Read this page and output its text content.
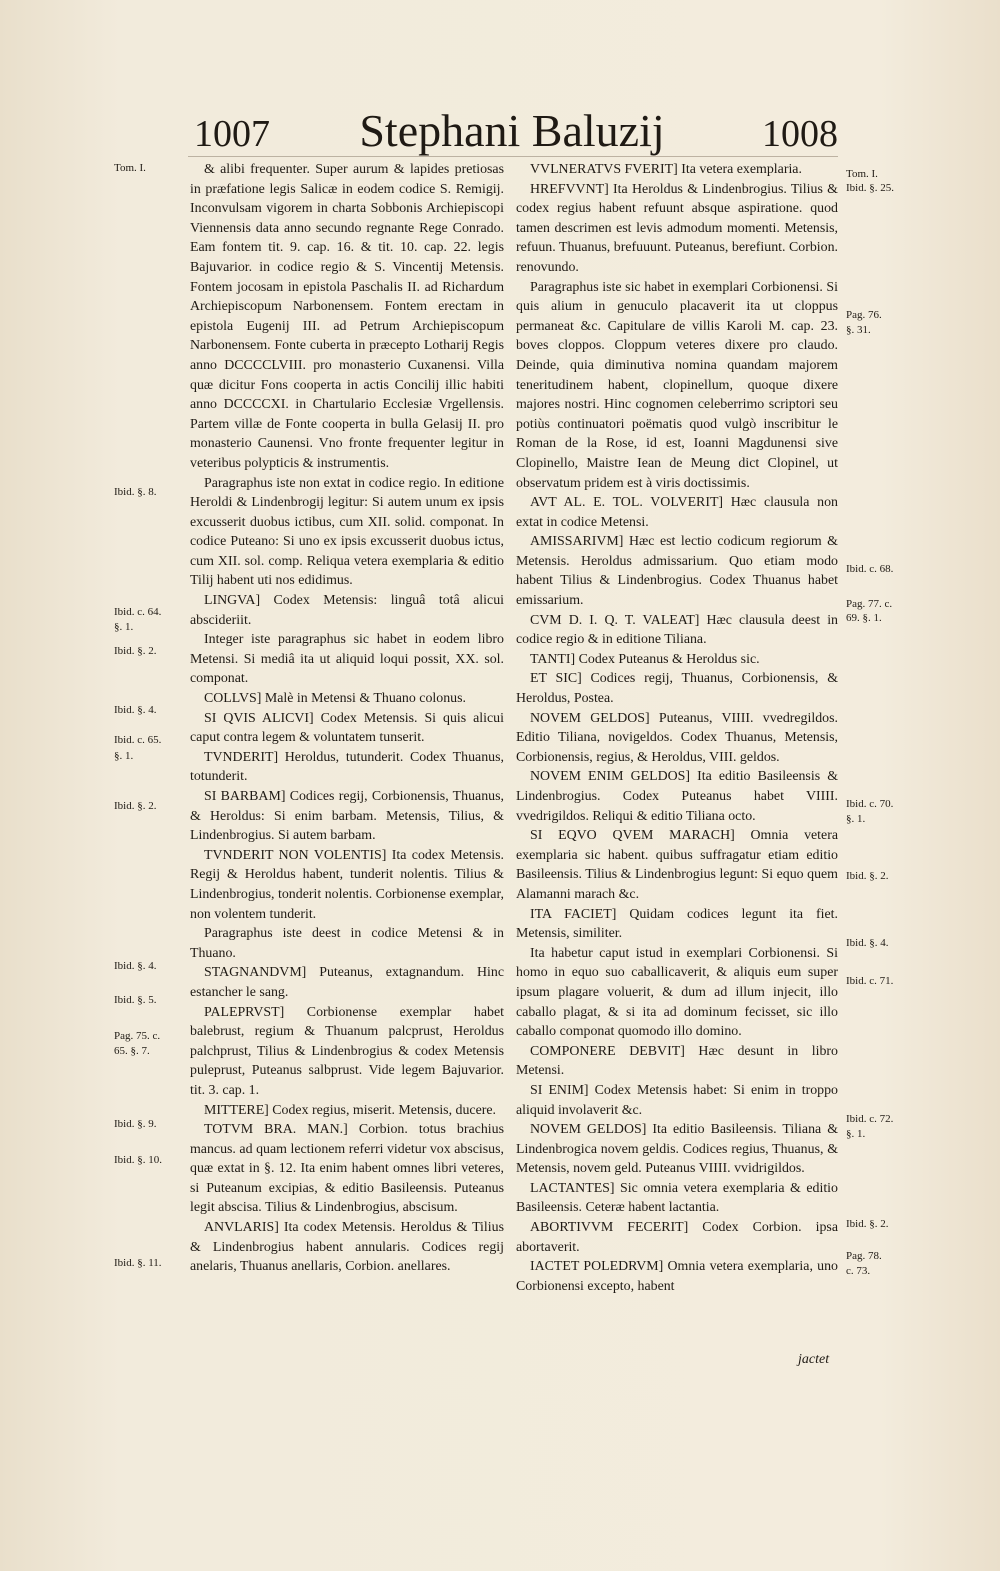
1007	Stephani Baluzij	1008
Tom. I.
Ibid. §. 8.
Ibid. c. 64.
§. 1.
Ibid. §. 2.
Ibid. §. 4.
Ibid. c. 65.
§. 1.
Ibid. §. 2.
Ibid. §. 4.
Ibid. §. 5.
Pag. 75. c.
65. §. 7.
Ibid. §. 9.
Ibid. §. 10.
Ibid. §. 11.
Tom. I.
Ibid. §. 25.
Pag. 76.
§. 31.
Ibid. c. 68.
Pag. 77. c.
69. §. 1.
Ibid. c. 70.
§. 1.
Ibid. §. 2.
Ibid. §. 4.
Ibid. c. 71.
Ibid. c. 72.
§. 1.
Ibid. §. 2.
Pag. 78.
c. 73.

& alibi frequenter. Super aurum & lapides pretiosas in præfatione legis Salicæ in eodem codice S. Remigij. Inconvulsam vigorem in charta Sobbonis Archiepiscopi Viennensis data anno secundo regnante Rege Conrado. Eam fontem tit. 9. cap. 16. & tit. 10. cap. 22. legis Bajuvarior. in codice regio & S. Vincentij Metensis. Fontem jocosam in epistola Paschalis II. ad Richardum Archiepiscopum Narbonensem. Fontem erectam in epistola Eugenij III. ad Petrum Archiepiscopum Narbonensem. Fonte cuberta in præcepto Lotharij Regis anno DCCCCLVIII. pro monasterio Cuxanensi. Villa quæ dicitur Fons cooperta in actis Concilij illic habiti anno DCCCCXI. in Chartulario Ecclesiæ Vrgellensis. Partem villæ de Fonte cooperta in bulla Gelasij II. pro monasterio Caunensi. Vno fronte frequenter legitur in veteribus polypticis & instrumentis.

Paragraphus iste non extat in codice regio. In editione Heroldi & Lindenbrogij legitur: Si autem unum ex ipsis excusserit duobus ictibus, cum XII. solid. componat. In codice Puteano: Si uno ex ipsis excusserit duobus ictus, cum XII. sol. comp. Reliqua vetera exemplaria & editio Tilij habent uti nos edidimus.

LINGVA] Codex Metensis: linguâ totâ alicui abscideriit.

Integer iste paragraphus sic habet in eodem libro Metensi. Si mediâ ita ut aliquid loqui possit, XX. sol. componat.

COLLVS] Malè in Metensi & Thuano colonus.

SI QVIS ALICVI] Codex Metensis. Si quis alicui caput contra legem & voluntatem tunserit.

TVNDERIT] Heroldus, tutunderit. Codex Thuanus, totunderit.

SI BARBAM] Codices regij, Corbionensis, Thuanus, & Heroldus: Si enim barbam. Metensis, Tilius, & Lindenbrogius. Si autem barbam.

TVNDERIT NON VOLENTIS] Ita codex Metensis. Regij & Heroldus habent, tunderit nolentis. Tilius & Lindenbrogius, tonderit nolentis. Corbionense exemplar, non volentem tunderit.

Paragraphus iste deest in codice Metensi & in Thuano.

STAGNANDVM] Puteanus, extagnandum. Hinc estancher le sang.

PALEPRVST] Corbionense exemplar habet balebrust, regium & Thuanum palcprust, Heroldus palchprust, Tilius & Lindenbrogius & codex Metensis puleprust, Puteanus salbprust. Vide legem Bajuvarior. tit. 3. cap. 1.

MITTERE] Codex regius, miserit. Metensis, ducere.

TOTVM BRA. MAN.] Corbion. totus brachius mancus. ad quam lectionem referri videtur vox abscisus, quæ extat in §. 12. Ita enim habent omnes libri veteres, si Puteanum excipias, & editio Basileensis. Puteanus legit abscisa. Tilius & Lindenbrogius, abscisum.

ANVLARIS] Ita codex Metensis. Heroldus & Tilius & Lindenbrogius habent annularis. Codices regij anelaris, Thuanus anellaris, Corbion. anellares.

VVLNERATVS FVERIT] Ita vetera exemplaria.

HREFVVNT] Ita Heroldus & Lindenbrogius. Tilius & codex regius habent refuunt absque aspiratione. quod tamen descrimen est levis admodum momenti. Metensis, refuun. Thuanus, brefuuunt. Puteanus, berefiunt. Corbion. renovundo.

Paragraphus iste sic habet in exemplari Corbionensi. Si quis alium in genuculo placaverit ita ut cloppus permaneat &c. Capitulare de villis Karoli M. cap. 23. boves cloppos. Cloppum veteres dixere pro claudo. Deinde, quia diminutiva nomina quandam majorem teneritudinem habent, clopinellum, quoque dixere majores nostri. Hinc cognomen celeberrimo scriptori seu potiùs continuatori poëmatis quod vulgò inscribitur le Roman de la Rose, id est, Ioanni Magdunensi sive Clopinello, Maistre Iean de Meung dict Clopinel, ut observatum pridem est à viris doctissimis.

AVT AL. E. TOL. VOLVERIT] Hæc clausula non extat in codice Metensi.

AMISSARIVM] Hæc est lectio codicum regiorum & Metensis. Heroldus admissarium. Quo etiam modo habent Tilius & Lindenbrogius. Codex Thuanus habet emissarium.

CVM D. I. Q. T. VALEAT] Hæc clausula deest in codice regio & in editione Tiliana.

TANTI] Codex Puteanus & Heroldus sic.

ET SIC] Codices regij, Thuanus, Corbionensis, & Heroldus, Postea.

NOVEM GELDOS] Puteanus, VIIII. vvedregildos. Editio Tiliana, novigeldos. Codex Thuanus, Metensis, Corbionensis, regius, & Heroldus, VIII. geldos.

NOVEM ENIM GELDOS] Ita editio Basileensis & Lindenbrogius. Codex Puteanus habet VIIII. vvedrigildos. Reliqui & editio Tiliana octo.

SI EQVO QVEM MARACH] Omnia vetera exemplaria sic habent. quibus suffragatur etiam editio Basileensis. Tilius & Lindenbrogius legunt: Si equo quem Alamanni marach &c.

ITA FACIET] Quidam codices legunt ita fiet. Metensis, similiter.

Ita habetur caput istud in exemplari Corbionensi. Si homo in equo suo caballicaverit, & aliquis eum super ipsum plagare voluerit, & dum ad illum injecit, illo caballo plagat, & si ita ad dominum fecisset, sic illo caballo componat quomodo illo domino.

COMPONERE DEBVIT] Hæc desunt in libro Metensi.

SI ENIM] Codex Metensis habet: Si enim in troppo aliquid involaverit &c.

NOVEM GELDOS] Ita editio Basileensis. Tiliana & Lindenbrogica novem geldis. Codices regius, Thuanus, & Metensis, novem geld. Puteanus VIIII. vvidrigildos.

LACTANTES] Sic omnia vetera exemplaria & editio Basileensis. Ceteræ habent lactantia.

ABORTIVVM FECERIT] Codex Corbion. ipsa abortaverit.

IACTET POLEDRVM] Omnia vetera exemplaria, uno Corbionensi excepto, habent

jactet
